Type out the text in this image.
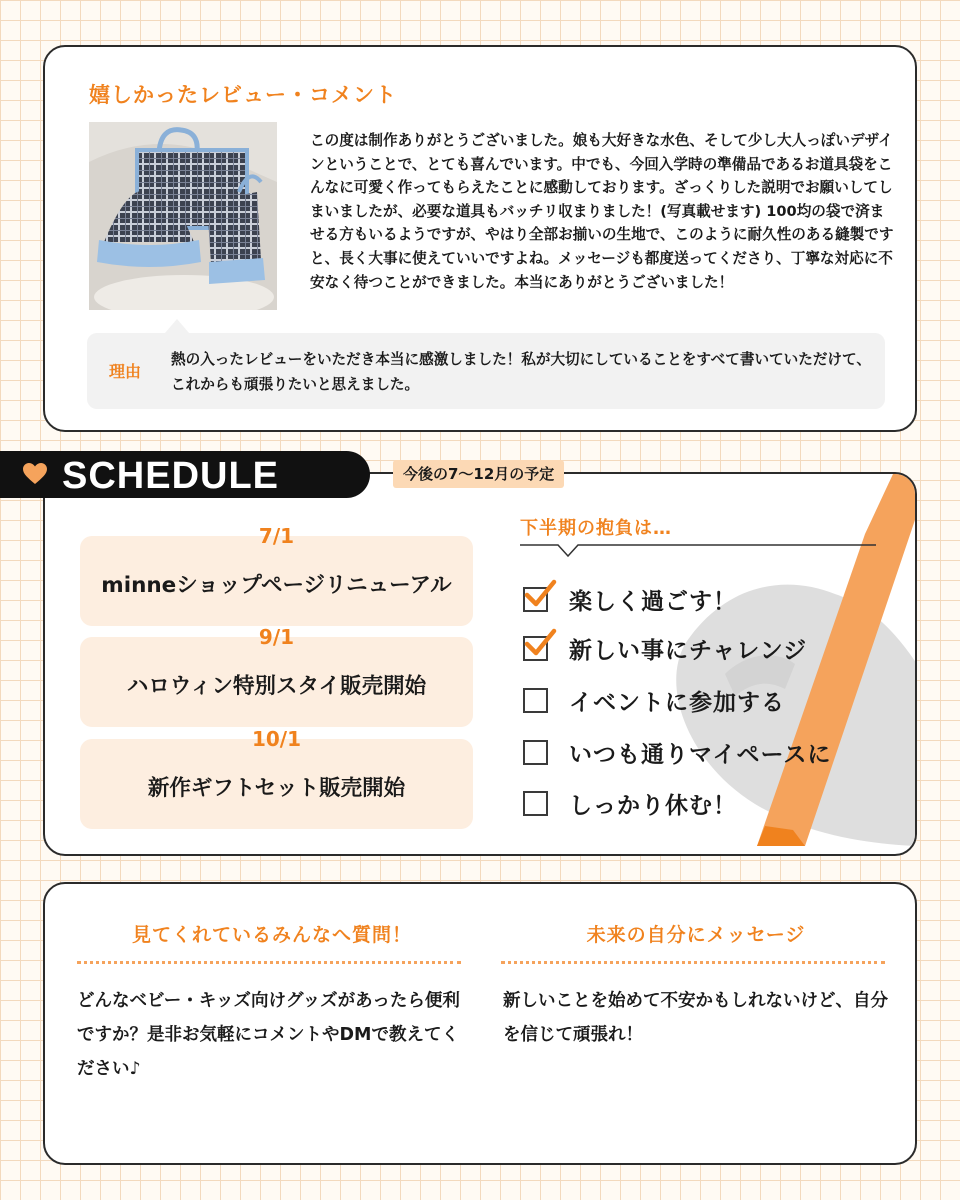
嬉しかったレビュー・コメント
この度は制作ありがとうございました。娘も大好きな水色、そして少し大人っぽいデザインということで、とても喜んでいます。中でも、今回入学時の準備品であるお道具袋をこんなに可愛く作ってもらえたことに感動しております。ざっくりした説明でお願いしてしまいましたが、必要な道具もバッチリ収まりました！(写真載せます) 100均の袋で済ませる方もいるようですが、やはり全部お揃いの生地で、このように耐久性のある縫製ですと、長く大事に使えていいですよね。メッセージも都度送ってくださり、丁寧な対応に不安なく待つことができました。本当にありがとうございました！
理由
熱の入ったレビューをいただき本当に感激しました！私が大切にしていることをすべて書いていただけて、これからも頑張りたいと思えました。
7/1
minneショップページリニューアル
9/1
ハロウィン特別スタイ販売開始
10/1
新作ギフトセット販売開始
下半期の抱負は…
楽しく過ごす！
新しい事にチャレンジ
イベントに参加する
いつも通りマイペースに
しっかり休む！
SCHEDULE	今後の7〜12月の予定
見てくれているみんなへ質問！
どんなベビー・キッズ向けグッズがあったら便利ですか？是非お気軽にコメントやDMで教えてください♪
未来の自分にメッセージ
新しいことを始めて不安かもしれないけど、自分を信じて頑張れ！
